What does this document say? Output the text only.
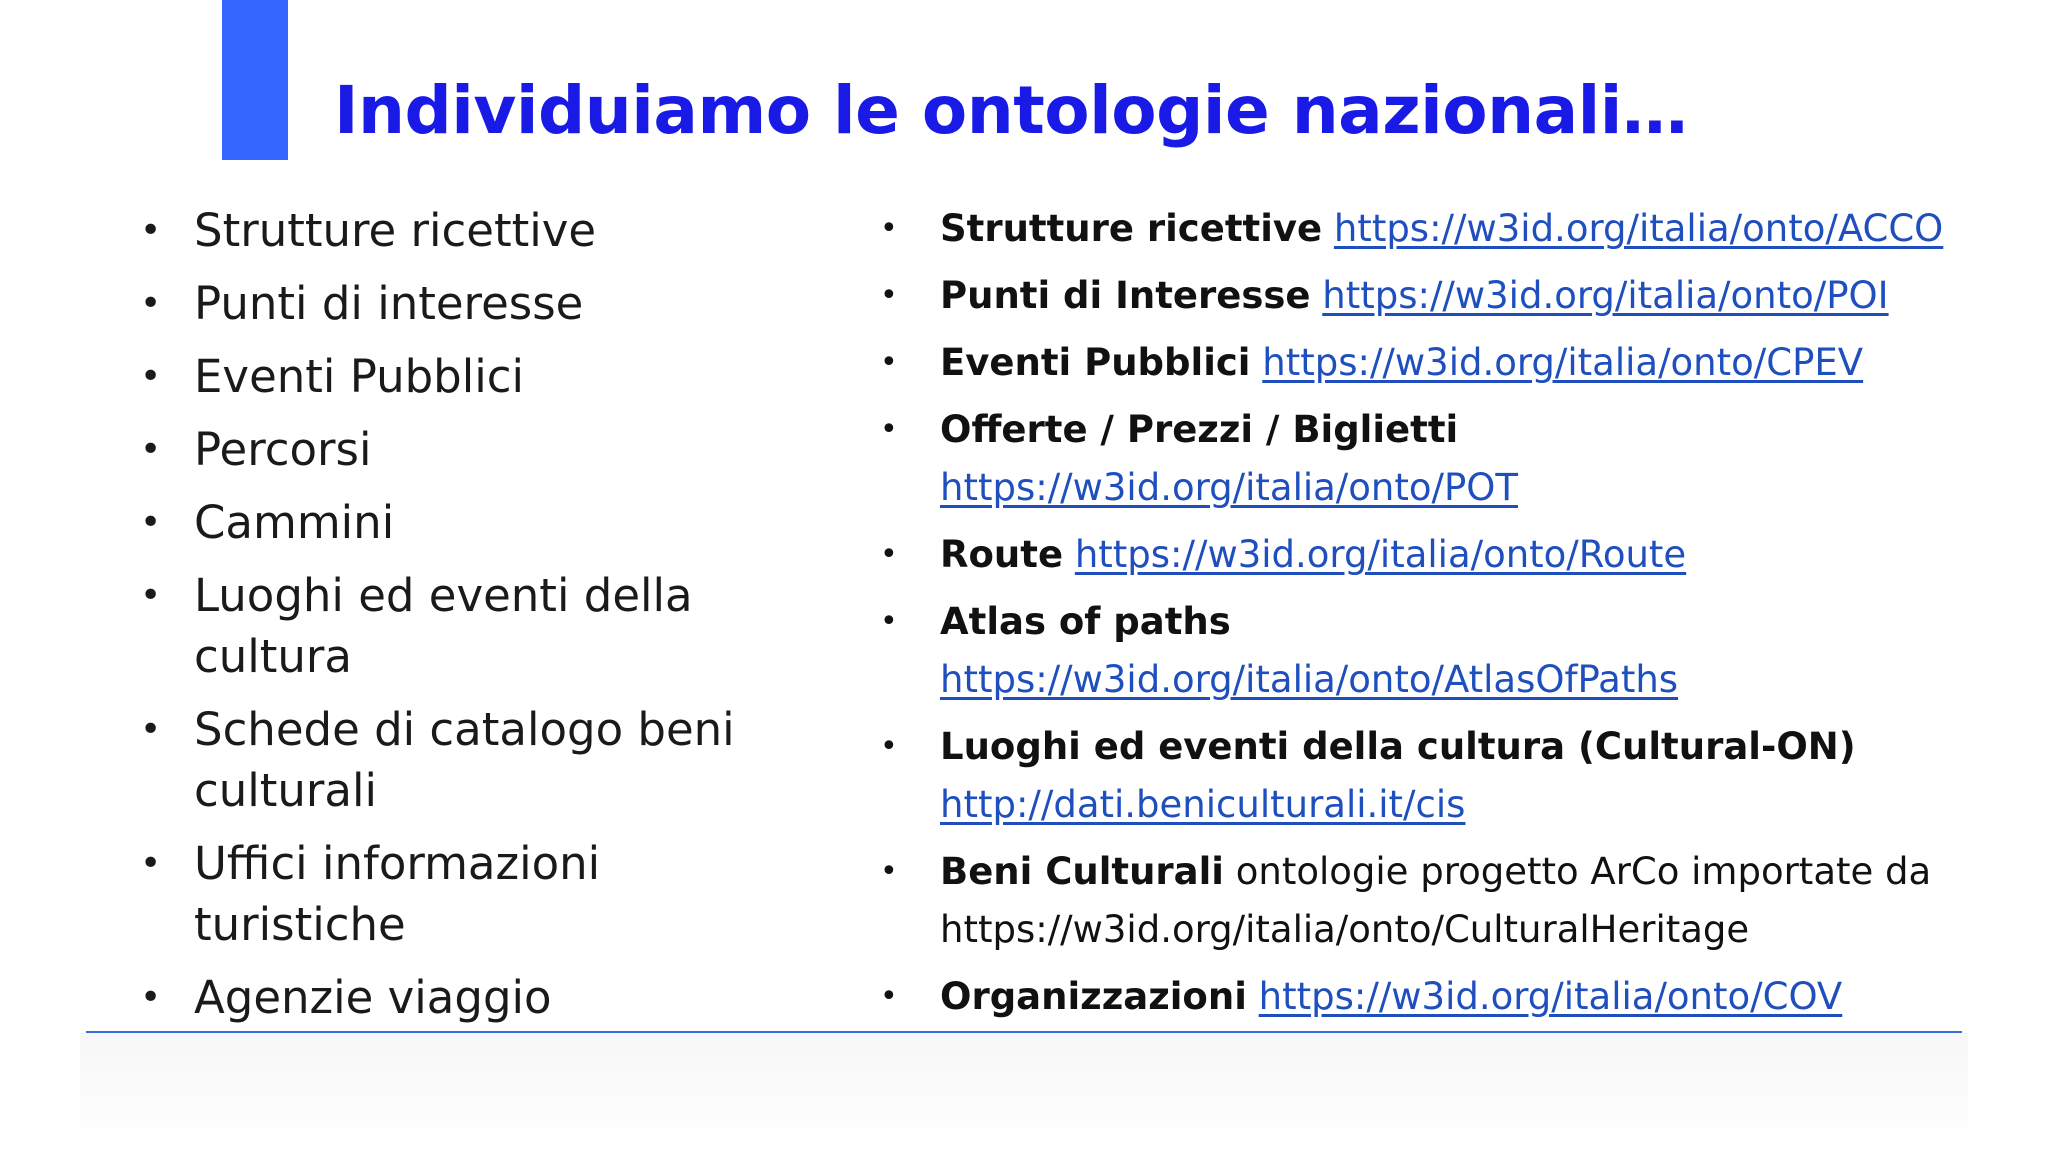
Individuiamo le ontologie nazionali…
• Strutture ricettive
• Punti di interesse
• Eventi Pubblici
• Percorsi
• Cammini
• Luoghi ed eventi della cultura
• Schede di catalogo beni culturali
• Uffici informazioni turistiche
• Agenzie viaggio
• Strutture ricettive https://w3id.org/italia/onto/ACCO
• Punti di Interesse https://w3id.org/italia/onto/POI
• Eventi Pubblici https://w3id.org/italia/onto/CPEV
• Offerte / Prezzi / Biglietti
https://w3id.org/italia/onto/POT
• Route https://w3id.org/italia/onto/Route
• Atlas of paths
https://w3id.org/italia/onto/AtlasOfPaths
• Luoghi ed eventi della cultura (Cultural-ON)
http://dati.beniculturali.it/cis
• Beni Culturali ontologie progetto ArCo importate da
https://w3id.org/italia/onto/CulturalHeritage
• Organizzazioni https://w3id.org/italia/onto/COV
